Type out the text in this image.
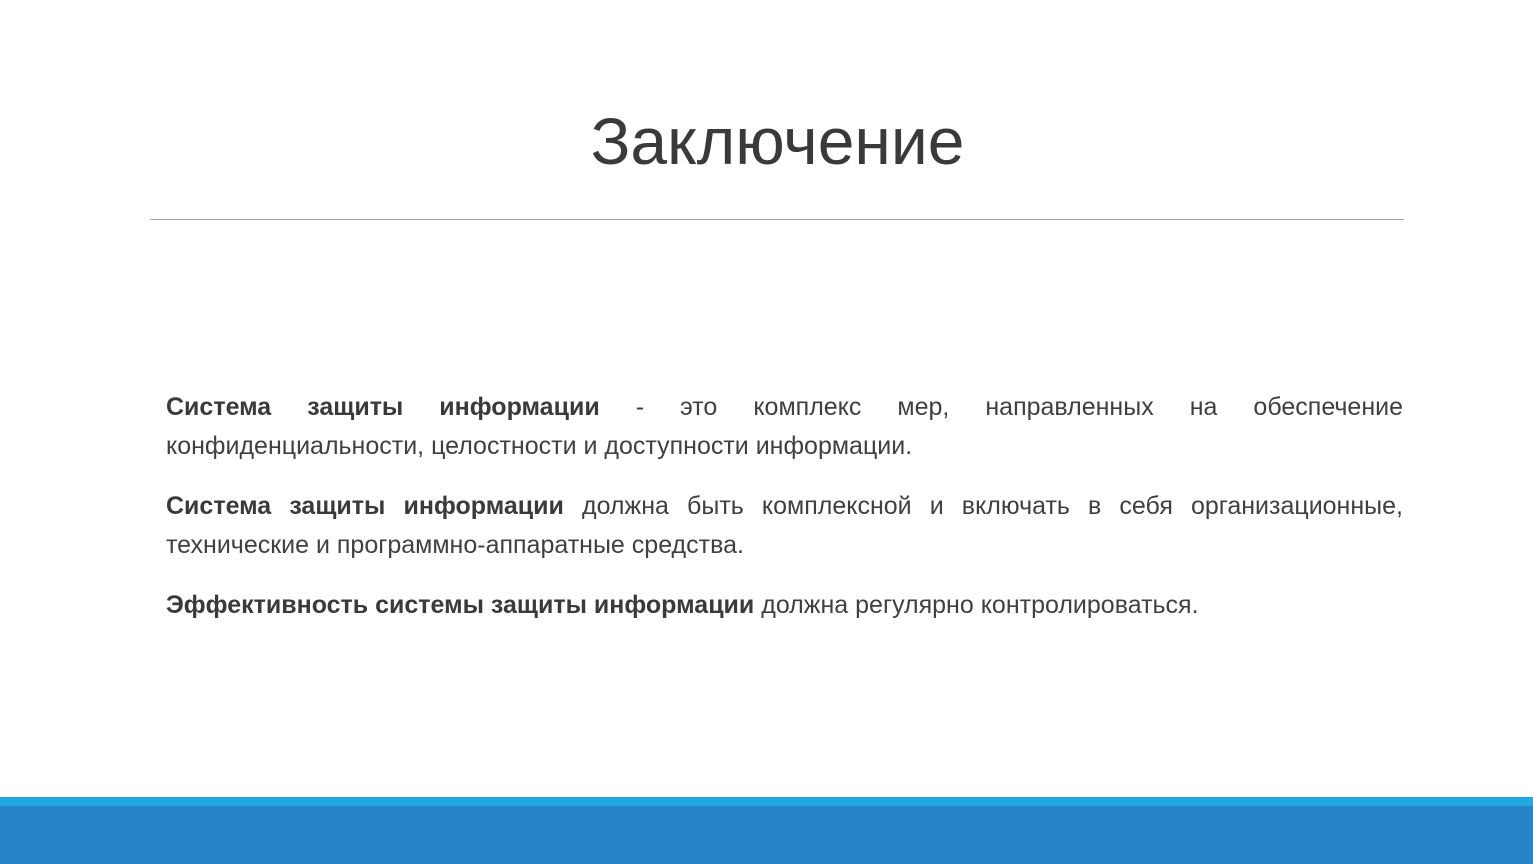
Заключение

Система защиты информации - это комплекс мер, направленных на обеспечение конфиденциальности, целостности и доступности информации.

Система защиты информации должна быть комплексной и включать в себя организационные, технические и программно-аппаратные средства.

Эффективность системы защиты информации должна регулярно контролироваться.
